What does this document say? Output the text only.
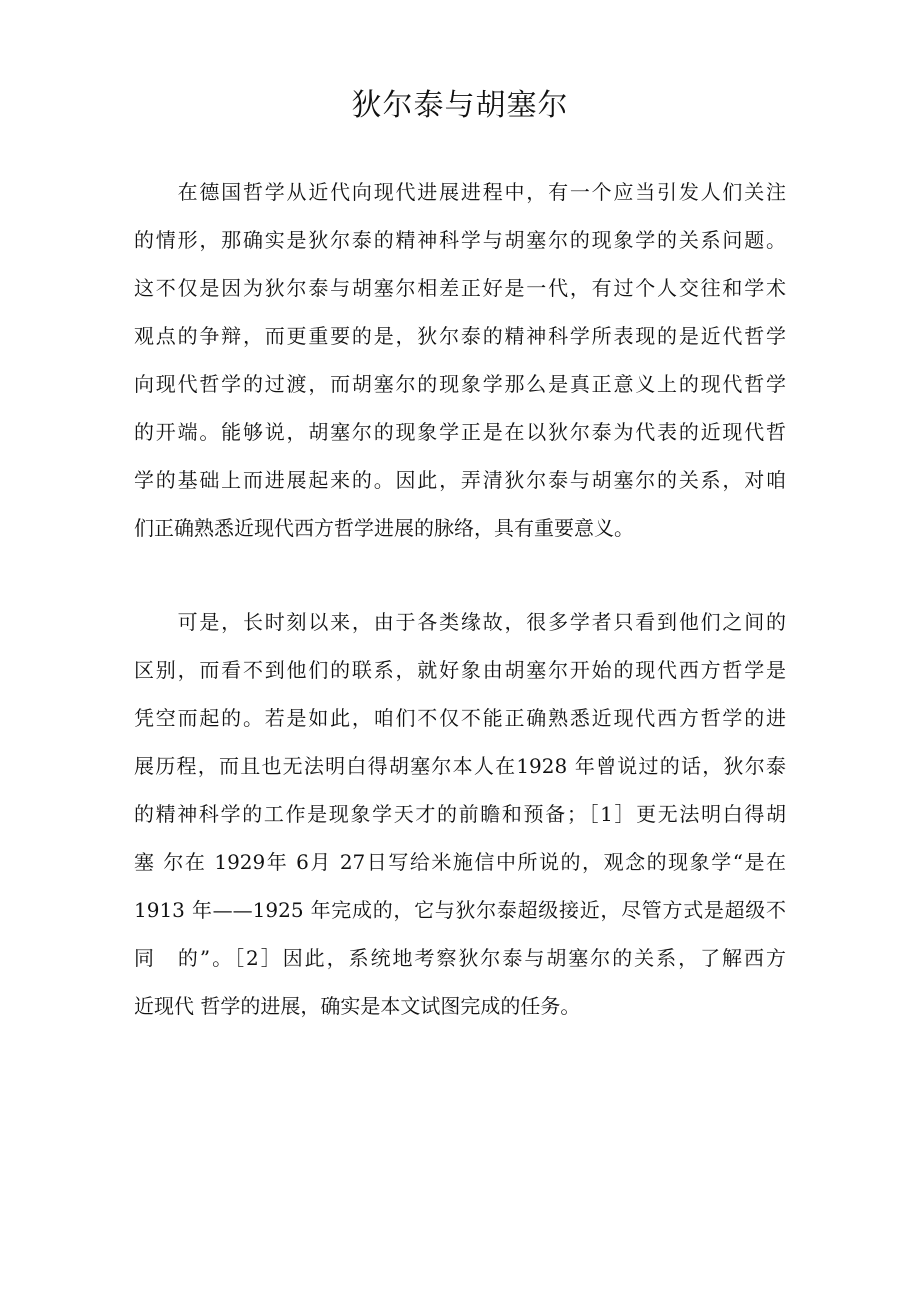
狄尔泰与胡塞尔
　　在德国哲学从近代向现代进展进程中，有一个应当引发人们关注
的情形，那确实是狄尔泰的精神科学与胡塞尔的现象学的关系问题。
这不仅是因为狄尔泰与胡塞尔相差正好是一代，有过个人交往和学术
观点的争辩，而更重要的是，狄尔泰的精神科学所表现的是近代哲学
向现代哲学的过渡，而胡塞尔的现象学那么是真正意义上的现代哲学
的开端。能够说，胡塞尔的现象学正是在以狄尔泰为代表的近现代哲
学的基础上而进展起来的。因此，弄清狄尔泰与胡塞尔的关系，对咱
们正确熟悉近现代西方哲学进展的脉络，具有重要意义。
　　可是，长时刻以来，由于各类缘故，很多学者只看到他们之间的
区别，而看不到他们的联系，就好象由胡塞尔开始的现代西方哲学是
凭空而起的。若是如此，咱们不仅不能正确熟悉近现代西方哲学的进
展历程，而且也无法明白得胡塞尔本人在1928 年曾说过的话，狄尔泰
的精神科学的工作是现象学天才的前瞻和预备；［1］更无法明白得胡
塞 尔在 1929年 6月 27日写给米施信中所说的，观念的现象学“是在
1913 年——1925 年完成的，它与狄尔泰超级接近，尽管方式是超级不
同　的”。［2］因此，系统地考察狄尔泰与胡塞尔的关系，了解西方
近现代 哲学的进展，确实是本文试图完成的任务。
